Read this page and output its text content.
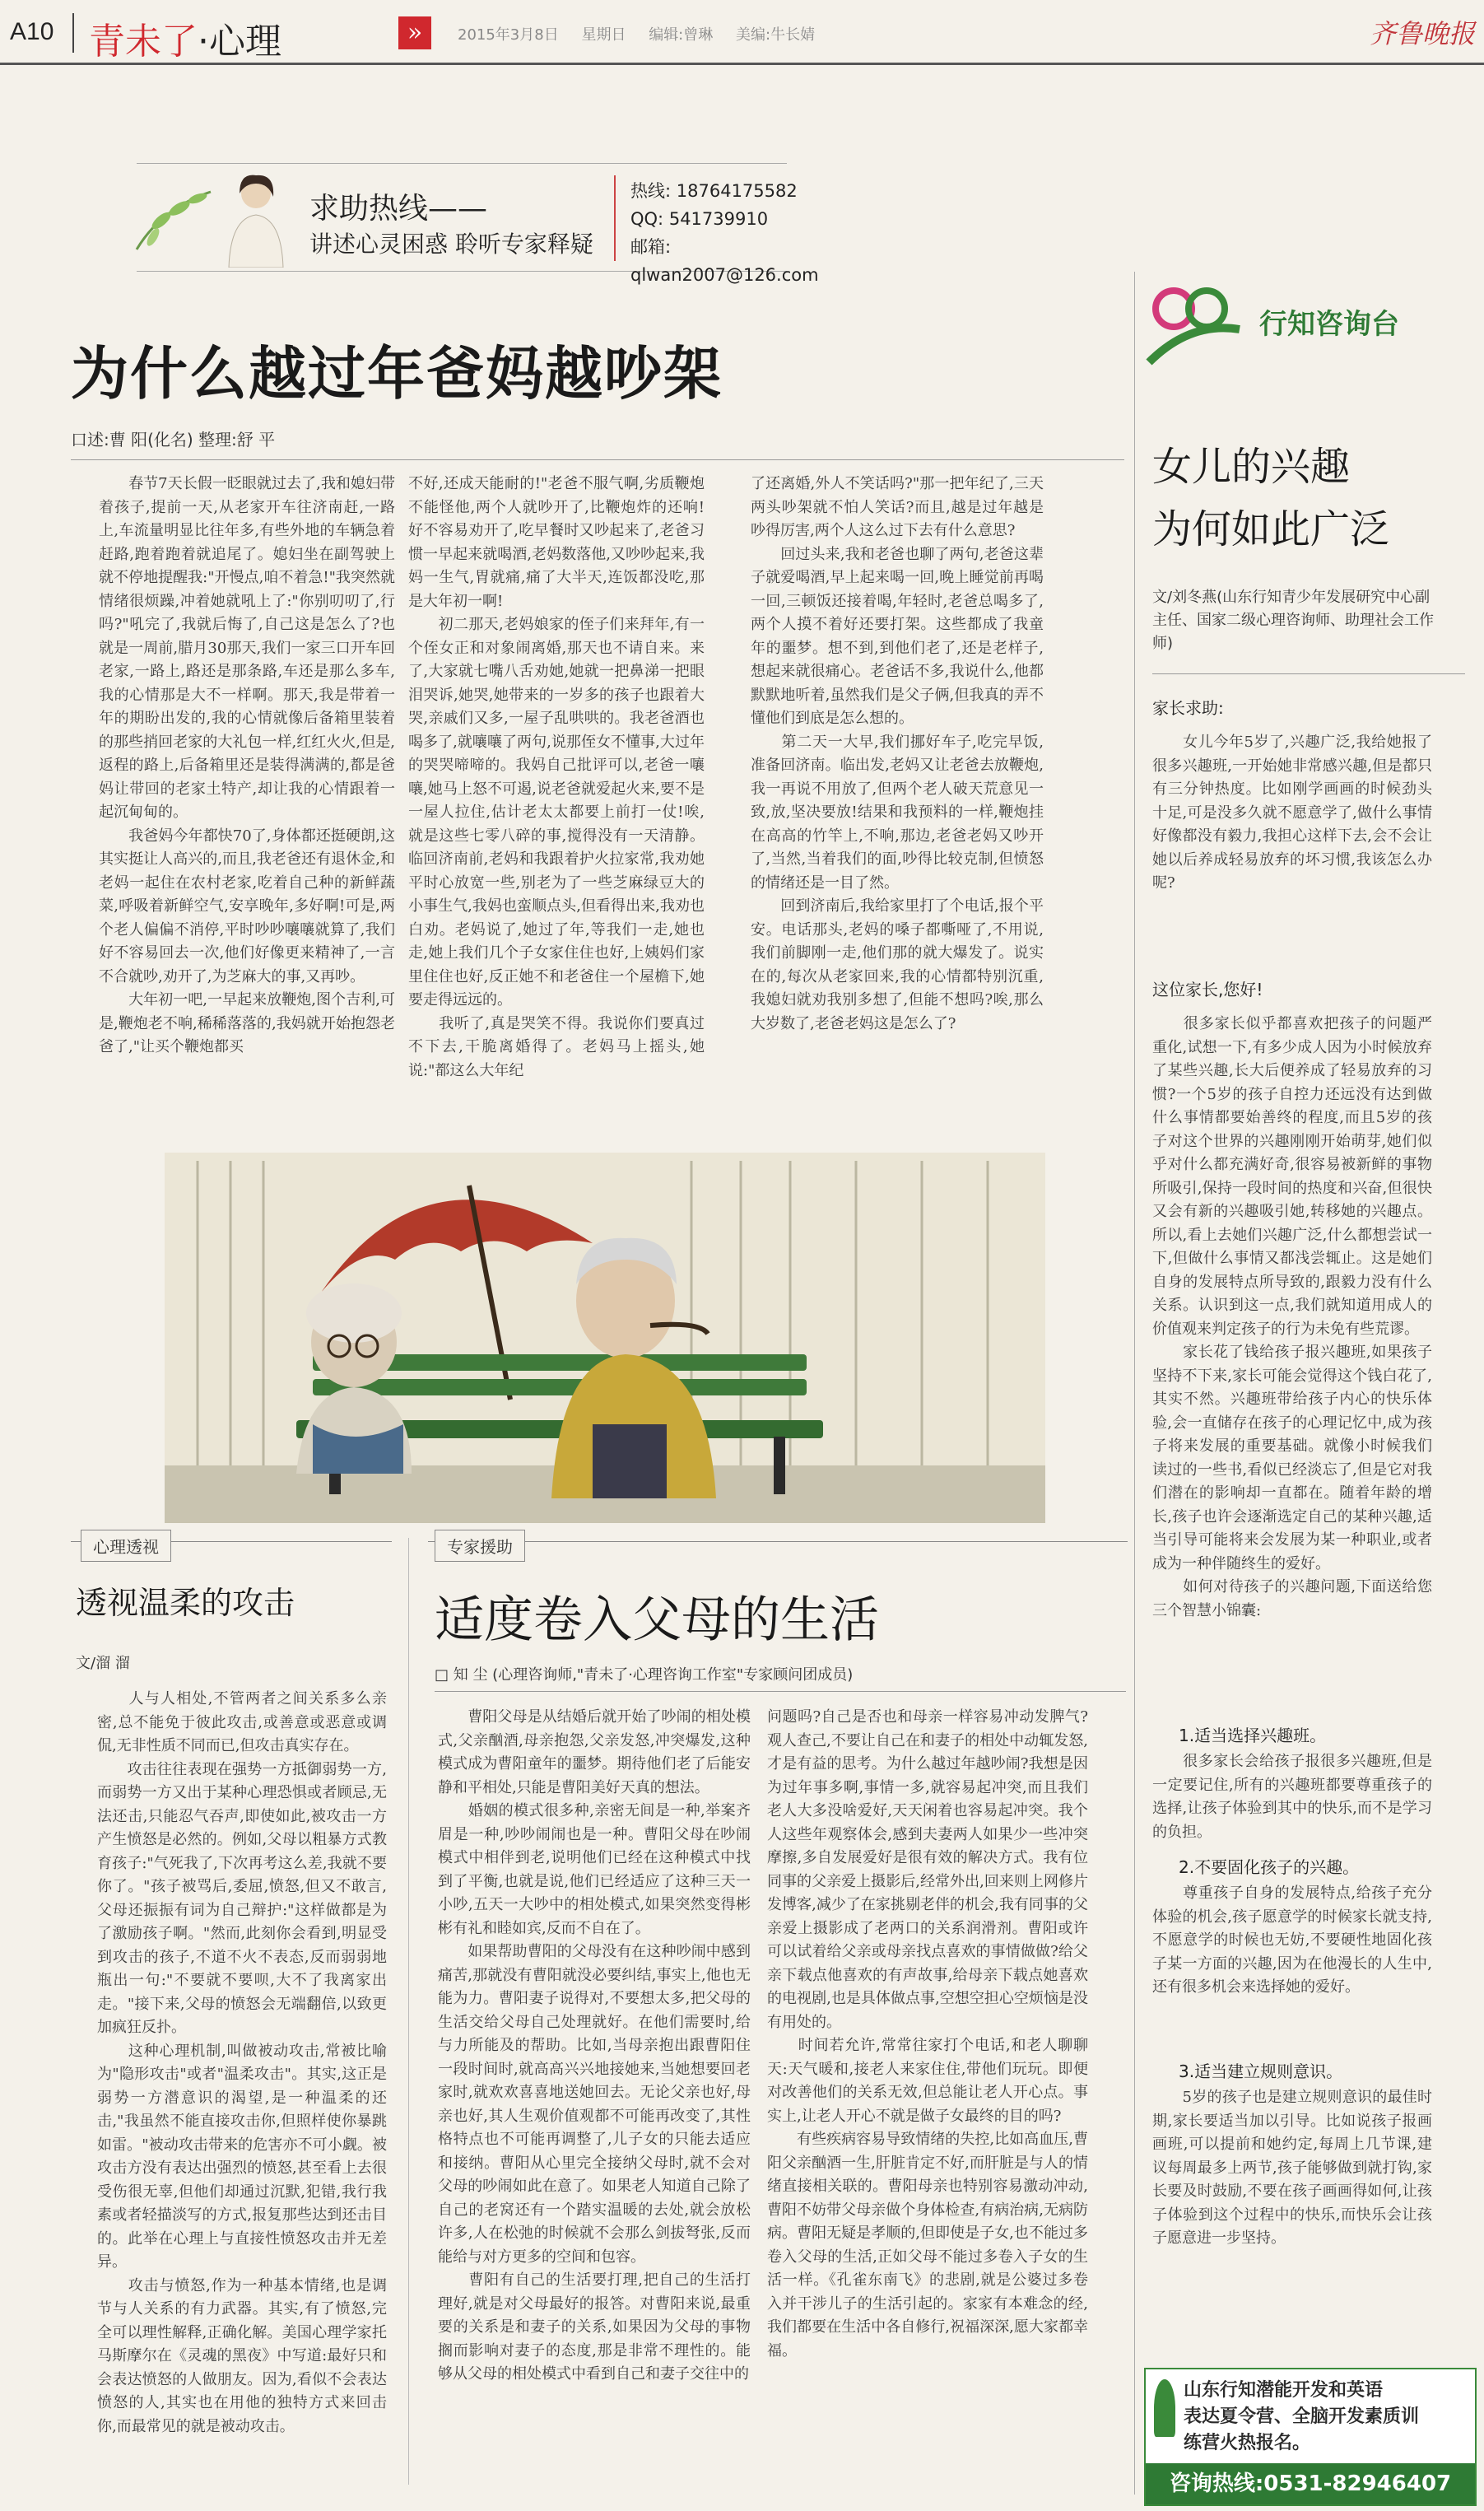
A10 青未了·心理	»	2015年3月8日 星期日 编辑:曾琳 美编:牛长婧	齐鲁晚报
求助热线——
讲述心灵困惑 聆听专家释疑
热线: 18764175582
QQ: 541739910
邮箱: qlwan2007@126.com
为什么越过年爸妈越吵架
口述:曹 阳(化名) 整理:舒 平
　　春节7天长假一眨眼就过去了,我和媳妇带着孩子,提前一天,从老家开车往济南赶,一路上,车流量明显比往年多,有些外地的车辆急着赶路,跑着跑着就追尾了。媳妇坐在副驾驶上就不停地提醒我:"开慢点,咱不着急!"我突然就情绪很烦躁,冲着她就吼上了:"你别叨叨了,行吗?"吼完了,我就后悔了,自己这是怎么了?也就是一周前,腊月30那天,我们一家三口开车回老家,一路上,路还是那条路,车还是那么多车,我的心情那是大不一样啊。那天,我是带着一年的期盼出发的,我的心情就像后备箱里装着的那些捎回老家的大礼包一样,红红火火,但是,返程的路上,后备箱里还是装得满满的,都是爸妈让带回的老家土特产,却让我的心情跟着一起沉甸甸的。
　　我爸妈今年都快70了,身体都还挺硬朗,这其实挺让人高兴的,而且,我老爸还有退休金,和老妈一起住在农村老家,吃着自己种的新鲜蔬菜,呼吸着新鲜空气,安享晚年,多好啊!可是,两个老人偏偏不消停,平时吵吵嚷嚷就算了,我们好不容易回去一次,他们好像更来精神了,一言不合就吵,劝开了,为芝麻大的事,又再吵。
　　大年初一吧,一早起来放鞭炮,图个吉利,可是,鞭炮老不响,稀稀落落的,我妈就开始抱怨老爸了,"让买个鞭炮都买
不好,还成天能耐的!"老爸不服气啊,劣质鞭炮不能怪他,两个人就吵开了,比鞭炮炸的还响!好不容易劝开了,吃早餐时又吵起来了,老爸习惯一早起来就喝酒,老妈数落他,又吵吵起来,我妈一生气,胃就痛,痛了大半天,连饭都没吃,那是大年初一啊!
　　初二那天,老妈娘家的侄子们来拜年,有一个侄女正和对象闹离婚,那天也不请自来。来了,大家就七嘴八舌劝她,她就一把鼻涕一把眼泪哭诉,她哭,她带来的一岁多的孩子也跟着大哭,亲戚们又多,一屋子乱哄哄的。我老爸酒也喝多了,就嚷嚷了两句,说那侄女不懂事,大过年的哭哭啼啼的。我妈自己批评可以,老爸一嚷嚷,她马上怒不可遏,说老爸就爱起火来,要不是一屋人拉住,估计老太太都要上前打一仗!唉,就是这些七零八碎的事,搅得没有一天清静。临回济南前,老妈和我跟着护火拉家常,我劝她平时心放宽一些,别老为了一些芝麻绿豆大的小事生气,我妈也蛮顺点头,但看得出来,我劝也白劝。老妈说了,她过了年,等我们一走,她也走,她上我们几个子女家住住也好,上姨妈们家里住住也好,反正她不和老爸住一个屋檐下,她要走得远远的。
　　我听了,真是哭笑不得。我说你们要真过不下去,干脆离婚得了。老妈马上摇头,她说:"都这么大年纪
了还离婚,外人不笑话吗?"那一把年纪了,三天两头吵架就不怕人笑话?而且,越是过年越是吵得厉害,两个人这么过下去有什么意思?
　　回过头来,我和老爸也聊了两句,老爸这辈子就爱喝酒,早上起来喝一回,晚上睡觉前再喝一回,三顿饭还接着喝,年轻时,老爸总喝多了,两个人摸不着好还要打架。这些都成了我童年的噩梦。想不到,到他们老了,还是老样子,想起来就很痛心。老爸话不多,我说什么,他都默默地听着,虽然我们是父子俩,但我真的弄不懂他们到底是怎么想的。
　　第二天一大早,我们挪好车子,吃完早饭,准备回济南。临出发,老妈又让老爸去放鞭炮,我一再说不用放了,但两个老人破天荒意见一致,放,坚决要放!结果和我预料的一样,鞭炮挂在高高的竹竿上,不响,那边,老爸老妈又吵开了,当然,当着我们的面,吵得比较克制,但愤怒的情绪还是一目了然。
　　回到济南后,我给家里打了个电话,报个平安。电话那头,老妈的嗓子都嘶哑了,不用说,我们前脚刚一走,他们那的就大爆发了。说实在的,每次从老家回来,我的心情都特别沉重,我媳妇就劝我别多想了,但能不想吗?唉,那么大岁数了,老爸老妈这是怎么了?
心理透视
透视温柔的攻击
文/溜 溜
　　人与人相处,不管两者之间关系多么亲密,总不能免于彼此攻击,或善意或恶意或调侃,无非性质不同而已,但攻击真实存在。
　　攻击往往表现在强势一方抵御弱势一方,而弱势一方又出于某种心理恐惧或者顾忌,无法还击,只能忍气吞声,即使如此,被攻击一方产生愤怒是必然的。例如,父母以粗暴方式教育孩子:"气死我了,下次再考这么差,我就不要你了。"孩子被骂后,委屈,愤怒,但又不敢言,父母还振振有词为自己辩护:"这样做都是为了激励孩子啊。"然而,此刻你会看到,明显受到攻击的孩子,不道不火不表态,反而弱弱地瓶出一句:"不要就不要呗,大不了我离家出走。"接下来,父母的愤怒会无端翻倍,以致更加疯狂反扑。
　　这种心理机制,叫做被动攻击,常被比喻为"隐形攻击"或者"温柔攻击"。其实,这正是弱势一方潜意识的渴望,是一种温柔的还击,"我虽然不能直接攻击你,但照样使你暴跳如雷。"被动攻击带来的危害亦不可小觑。被攻击方没有表达出强烈的愤怒,甚至看上去很受伤很无辜,但他们却通过沉默,犯错,我行我素或者轻描淡写的方式,报复那些达到还击目的。此举在心理上与直接性愤怒攻击并无差异。
　　攻击与愤怒,作为一种基本情绪,也是调节与人关系的有力武器。其实,有了愤怒,完全可以理性解释,正确化解。美国心理学家托马斯摩尔在《灵魂的黑夜》中写道:最好只和会表达愤怒的人做朋友。因为,看似不会表达愤怒的人,其实也在用他的独特方式来回击你,而最常见的就是被动攻击。
专家援助
适度卷入父母的生活
□ 知 尘 (心理咨询师,"青未了·心理咨询工作室"专家顾问团成员)
　　曹阳父母是从结婚后就开始了吵闹的相处模式,父亲酗酒,母亲抱怨,父亲发怒,冲突爆发,这种模式成为曹阳童年的噩梦。期待他们老了后能安静和平相处,只能是曹阳美好天真的想法。
　　婚姻的模式很多种,亲密无间是一种,举案齐眉是一种,吵吵闹闹也是一种。曹阳父母在吵闹模式中相伴到老,说明他们已经在这种模式中找到了平衡,也就是说,他们已经适应了这种三天一小吵,五天一大吵中的相处模式,如果突然变得彬彬有礼和睦如宾,反而不自在了。
　　如果帮助曹阳的父母没有在这种吵闹中感到痛苦,那就没有曹阳就没必要纠结,事实上,他也无能为力。曹阳妻子说得对,不要想太多,把父母的生活交给父母自己处理就好。在他们需要时,给与力所能及的帮助。比如,当母亲抱出跟曹阳住一段时间时,就高高兴兴地接她来,当她想要回老家时,就欢欢喜喜地送她回去。无论父亲也好,母亲也好,其人生观价值观都不可能再改变了,其性格特点也不可能再调整了,儿子女的只能去适应和接纳。曹阳从心里完全接纳父母时,就不会对父母的吵闹如此在意了。如果老人知道自己除了自己的老窝还有一个踏实温暖的去处,就会放松许多,人在松弛的时候就不会那么剑拔弩张,反而能给与对方更多的空间和包容。
　　曹阳有自己的生活要打理,把自己的生活打理好,就是对父母最好的报答。对曹阳来说,最重要的关系是和妻子的关系,如果因为父母的事物搁而影响对妻子的态度,那是非常不理性的。能够从父母的相处模式中看到自己和妻子交往中的
问题吗?自己是否也和母亲一样容易冲动发脾气?观人查己,不要让自己在和妻子的相处中动辄发怒,才是有益的思考。为什么越过年越吵闹?我想是因为过年事多啊,事情一多,就容易起冲突,而且我们老人大多没啥爱好,天天闲着也容易起冲突。我个人这些年观察体会,感到夫妻两人如果少一些冲突摩擦,多自发展爱好是很有效的解决方式。我有位同事的父亲爱上摄影后,经常外出,回来则上网修片发博客,减少了在家挑剔老伴的机会,我有同事的父亲爱上摄影成了老两口的关系润滑剂。曹阳或许可以试着给父亲或母亲找点喜欢的事情做做?给父亲下载点他喜欢的有声故事,给母亲下载点她喜欢的电视剧,也是具体做点事,空想空担心空烦恼是没有用处的。
　　时间若允许,常常往家打个电话,和老人聊聊天:天气暖和,接老人来家住住,带他们玩玩。即便对改善他们的关系无效,但总能让老人开心点。事实上,让老人开心不就是做子女最终的目的吗?
　　有些疾病容易导致情绪的失控,比如高血压,曹阳父亲酗酒一生,肝脏肯定不好,而肝脏是与人的情绪直接相关联的。曹阳母亲也特别容易激动冲动,曹阳不妨带父母亲做个身体检查,有病治病,无病防病。曹阳无疑是孝顺的,但即使是子女,也不能过多卷入父母的生活,正如父母不能过多卷入子女的生活一样。《孔雀东南飞》的悲剧,就是公婆过多卷入并干涉儿子的生活引起的。家家有本难念的经,我们都要在生活中各自修行,祝福深深,愿大家都幸福。
行知咨询台
女儿的兴趣
为何如此广泛
文/刘冬燕(山东行知青少年发展研究中心副主任、国家二级心理咨询师、助理社会工作师)
家长求助:
　　女儿今年5岁了,兴趣广泛,我给她报了很多兴趣班,一开始她非常感兴趣,但是都只有三分钟热度。比如刚学画画的时候劲头十足,可是没多久就不愿意学了,做什么事情好像都没有毅力,我担心这样下去,会不会让她以后养成轻易放弃的坏习惯,我该怎么办呢?
这位家长,您好!
　　很多家长似乎都喜欢把孩子的问题严重化,试想一下,有多少成人因为小时候放弃了某些兴趣,长大后便养成了轻易放弃的习惯?一个5岁的孩子自控力还远没有达到做什么事情都要始善终的程度,而且5岁的孩子对这个世界的兴趣刚刚开始萌芽,她们似乎对什么都充满好奇,很容易被新鲜的事物所吸引,保持一段时间的热度和兴奋,但很快又会有新的兴趣吸引她,转移她的兴趣点。所以,看上去她们兴趣广泛,什么都想尝试一下,但做什么事情又都浅尝辄止。这是她们自身的发展特点所导致的,跟毅力没有什么关系。认识到这一点,我们就知道用成人的价值观来判定孩子的行为未免有些荒谬。
　　家长花了钱给孩子报兴趣班,如果孩子坚持不下来,家长可能会觉得这个钱白花了,其实不然。兴趣班带给孩子内心的快乐体验,会一直储存在孩子的心理记忆中,成为孩子将来发展的重要基础。就像小时候我们读过的一些书,看似已经淡忘了,但是它对我们潜在的影响却一直都在。随着年龄的增长,孩子也许会逐渐选定自己的某种兴趣,适当引导可能将来会发展为某一种职业,或者成为一种伴随终生的爱好。
　　如何对待孩子的兴趣问题,下面送给您三个智慧小锦囊:
1.适当选择兴趣班。
　　很多家长会给孩子报很多兴趣班,但是一定要记住,所有的兴趣班都要尊重孩子的选择,让孩子体验到其中的快乐,而不是学习的负担。
2.不要固化孩子的兴趣。
　　尊重孩子自身的发展特点,给孩子充分体验的机会,孩子愿意学的时候家长就支持,不愿意学的时候也无妨,不要硬性地固化孩子某一方面的兴趣,因为在他漫长的人生中,还有很多机会来选择她的爱好。
3.适当建立规则意识。
　　5岁的孩子也是建立规则意识的最佳时期,家长要适当加以引导。比如说孩子报画画班,可以提前和她约定,每周上几节课,建议每周最多上两节,孩子能够做到就打钩,家长要及时鼓励,不要在孩子画画得如何,让孩子体验到这个过程中的快乐,而快乐会让孩子愿意进一步坚持。
山东行知潜能开发和英语
表达夏令营、全脑开发素质训
练营火热报名。
咨询热线:0531-82946407
